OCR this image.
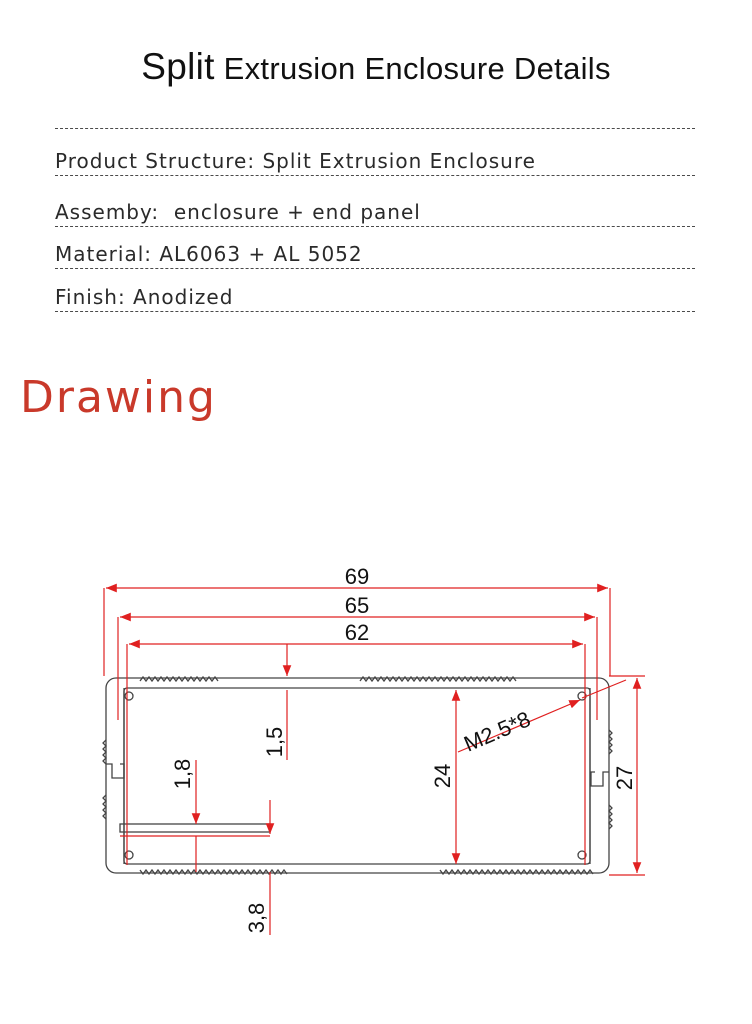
Split Extrusion Enclosure Details
Product Structure: Split Extrusion Enclosure
Assemby: enclosure + end panel
Material: AL6063 + AL 5052
Finish: Anodized
Drawing
69
65
62
1,5
1,8
3,8
24	27
M2.5*8
